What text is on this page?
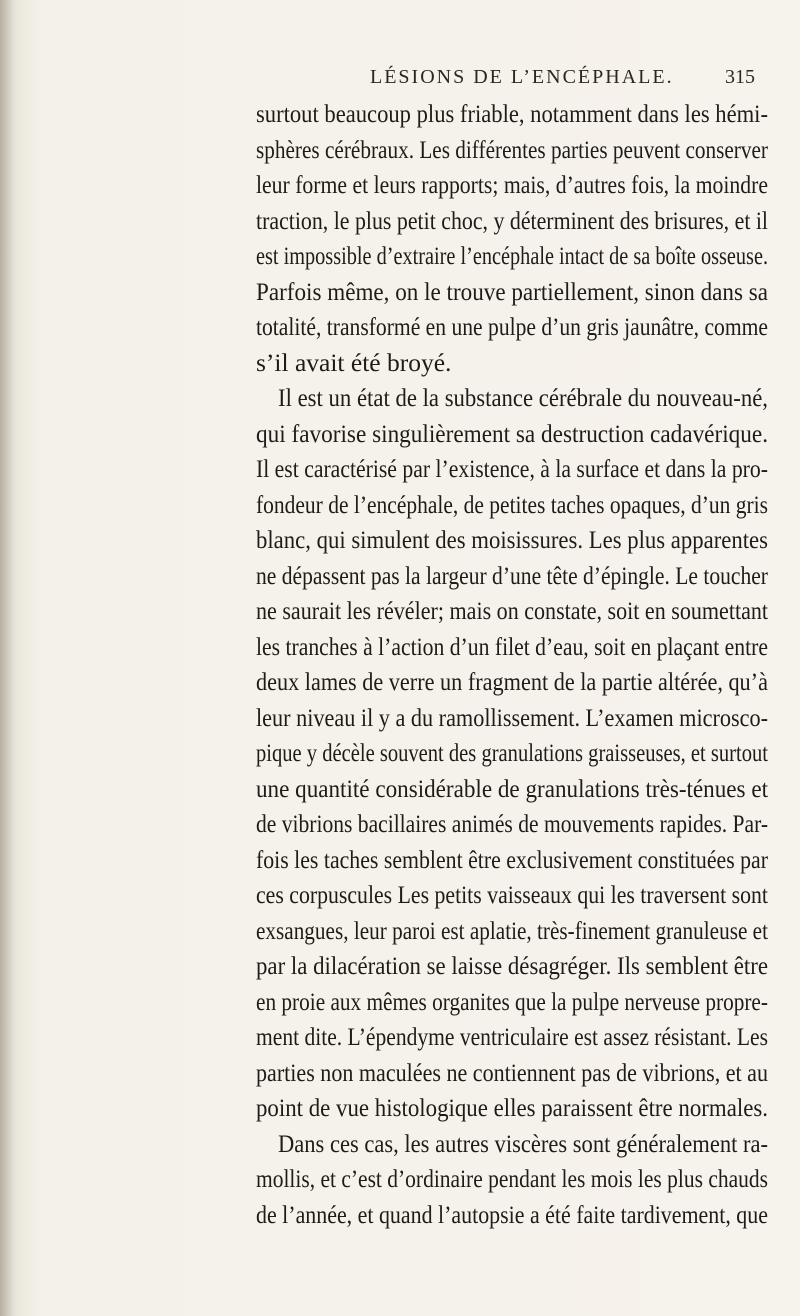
LÉSIONS DE L’ENCÉPHALE.	315
surtout beaucoup plus friable, notamment dans les hémi-
sphères cérébraux. Les différentes parties peuvent conserver
leur forme et leurs rapports; mais, d’autres fois, la moindre
traction, le plus petit choc, y déterminent des brisures, et il
est impossible d’extraire l’encéphale intact de sa boîte osseuse.
Parfois même, on le trouve partiellement, sinon dans sa
totalité, transformé en une pulpe d’un gris jaunâtre, comme
s’il avait été broyé.
Il est un état de la substance cérébrale du nouveau-né,
qui favorise singulièrement sa destruction cadavérique.
Il est caractérisé par l’existence, à la surface et dans la pro-
fondeur de l’encéphale, de petites taches opaques, d’un gris
blanc, qui simulent des moisissures. Les plus apparentes
ne dépassent pas la largeur d’une tête d’épingle. Le toucher
ne saurait les révéler; mais on constate, soit en soumettant
les tranches à l’action d’un filet d’eau, soit en plaçant entre
deux lames de verre un fragment de la partie altérée, qu’à
leur niveau il y a du ramollissement. L’examen microsco-
pique y décèle souvent des granulations graisseuses, et surtout
une quantité considérable de granulations très-ténues et
de vibrions bacillaires animés de mouvements rapides. Par-
fois les taches semblent être exclusivement constituées par
ces corpuscules Les petits vaisseaux qui les traversent sont
exsangues, leur paroi est aplatie, très-finement granuleuse et
par la dilacération se laisse désagréger. Ils semblent être
en proie aux mêmes organites que la pulpe nerveuse propre-
ment dite. L’épendyme ventriculaire est assez résistant. Les
parties non maculées ne contiennent pas de vibrions, et au
point de vue histologique elles paraissent être normales.
Dans ces cas, les autres viscères sont généralement ra-
mollis, et c’est d’ordinaire pendant les mois les plus chauds
de l’année, et quand l’autopsie a été faite tardivement, que
